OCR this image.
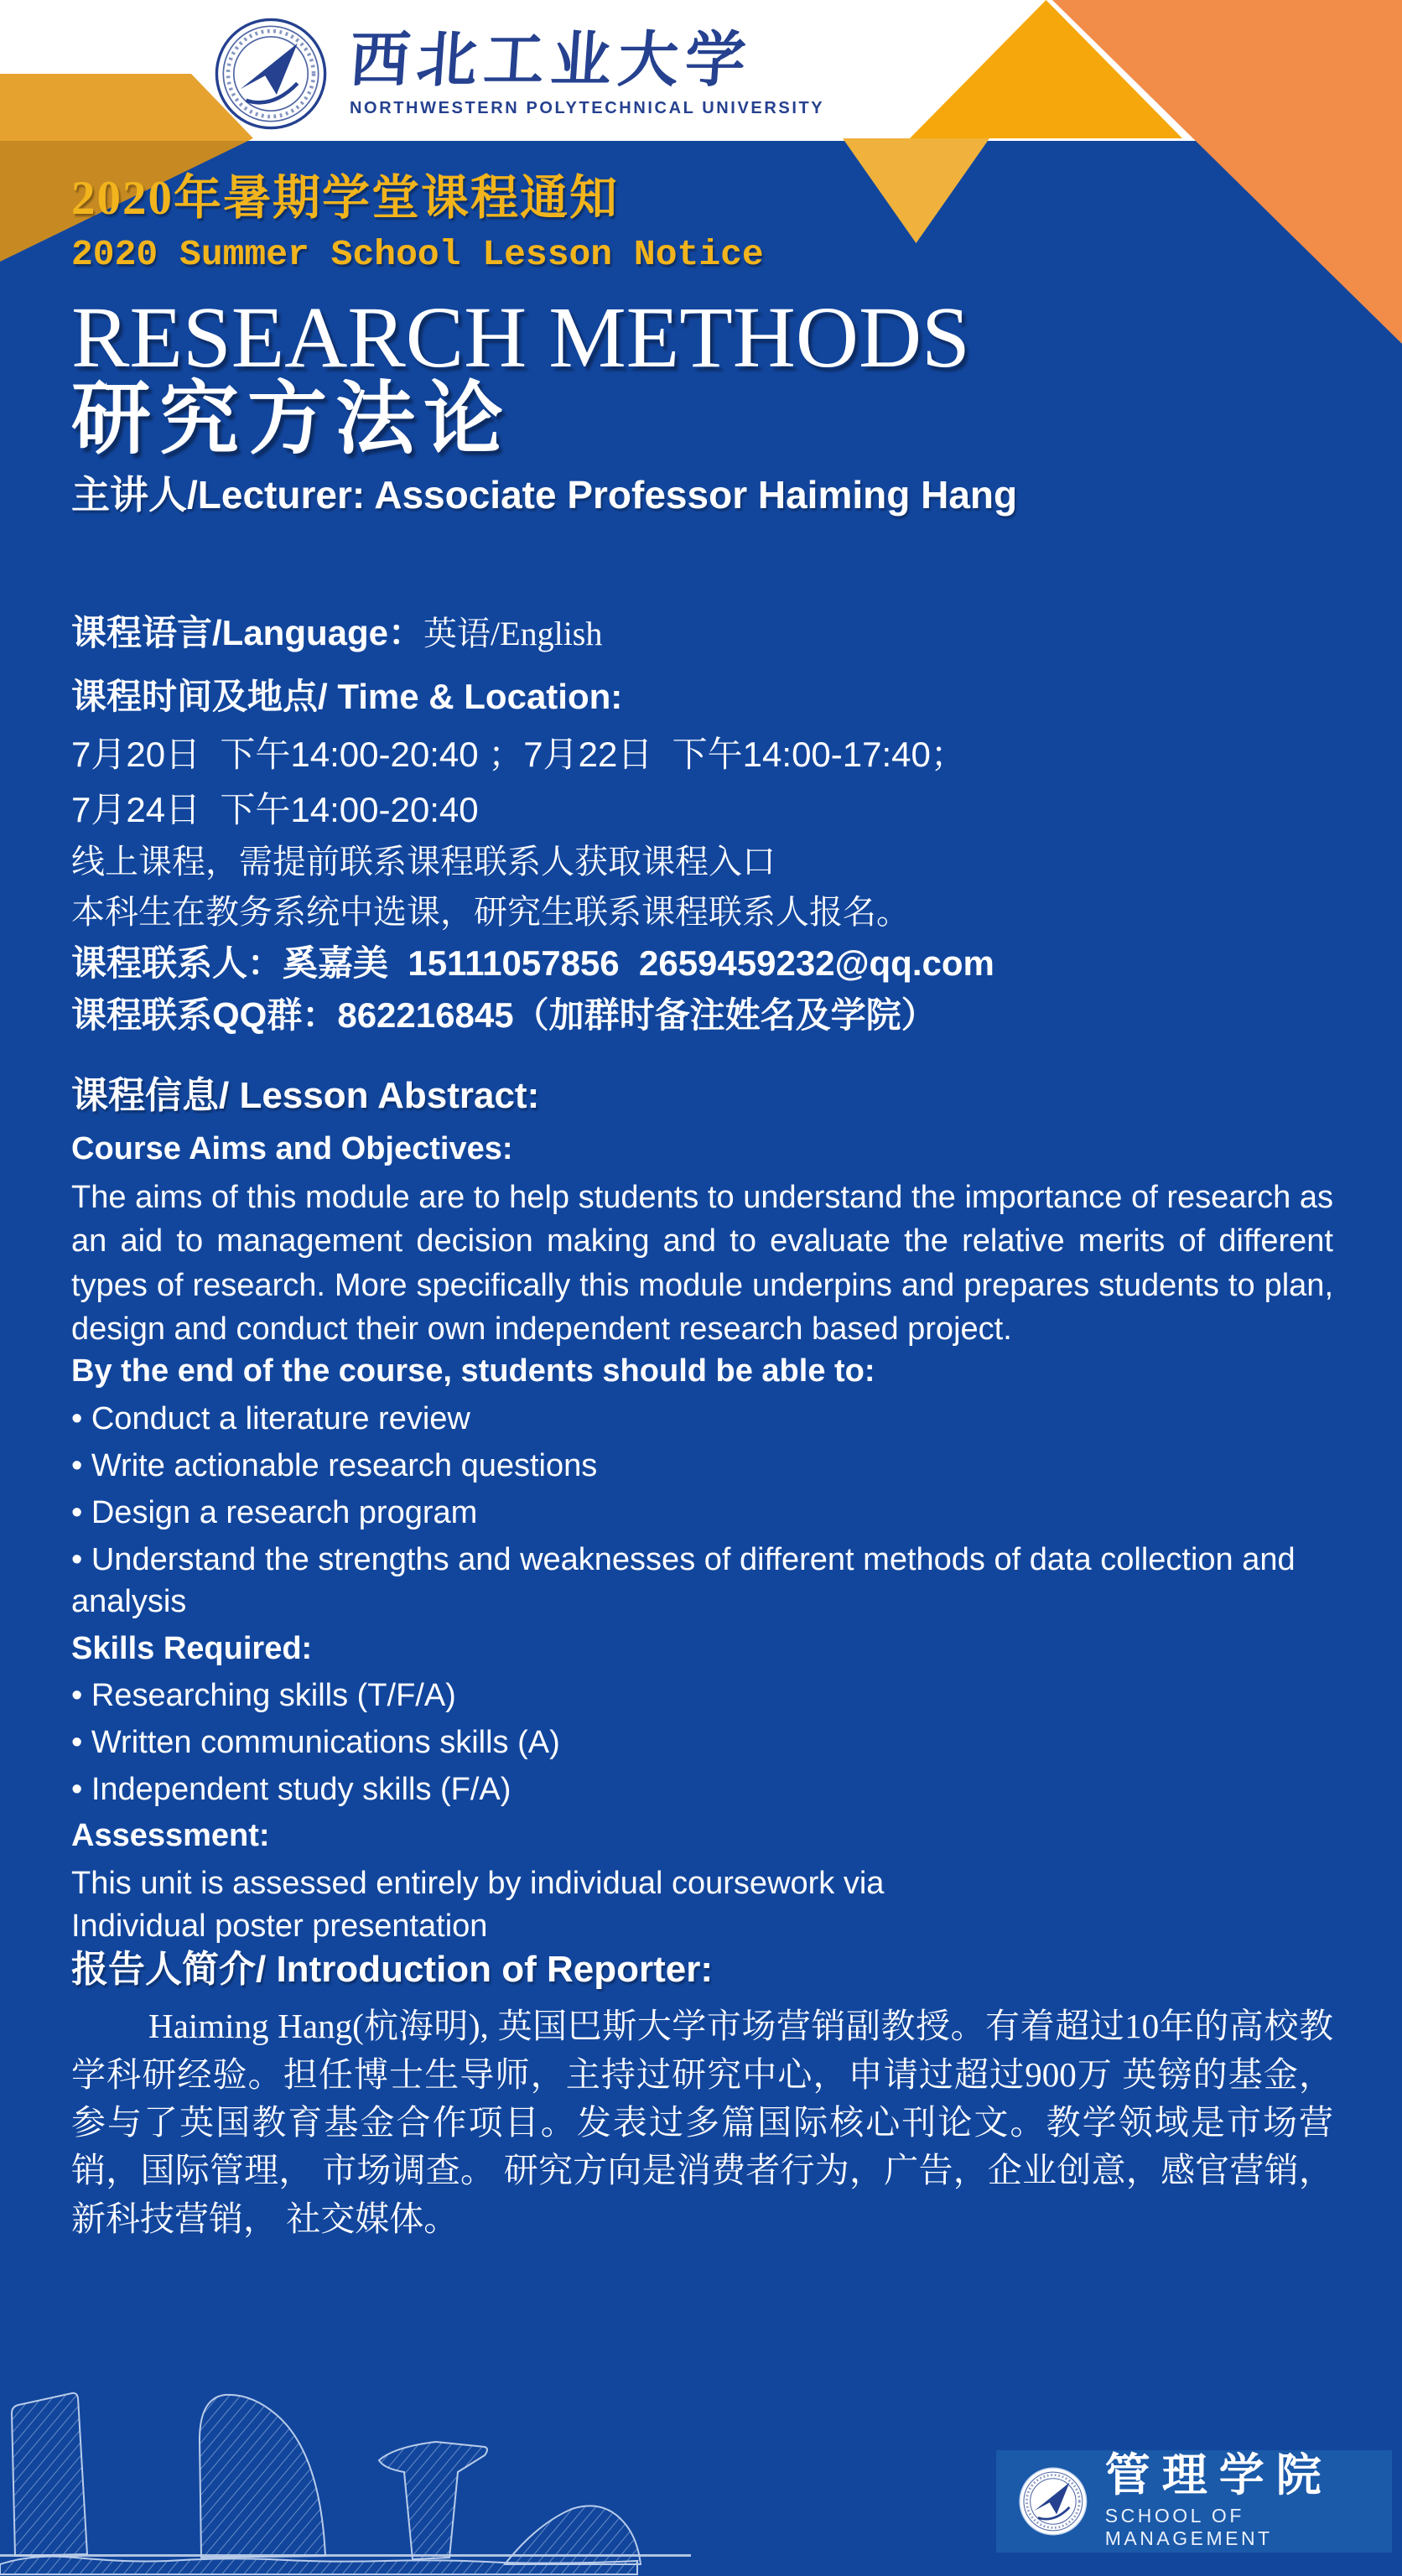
西北工业大学
NORTHWESTERN POLYTECHNICAL UNIVERSITY
2020年暑期学堂课程通知
2020 Summer School Lesson Notice
RESEARCH METHODS
研究方法论
主讲人/Lecturer: Associate Professor Haiming Hang
课程语言/Language：英语/English
课程时间及地点/ Time & Location:
7月20日  下午14:00-20:40 ；7月22日  下午14:00-17:40；
7月24日  下午14:00-20:40
线上课程，需提前联系课程联系人获取课程入口
本科生在教务系统中选课，研究生联系课程联系人报名。
课程联系人：奚嘉美  15111057856  2659459232@qq.com
课程联系QQ群：862216845（加群时备注姓名及学院）
课程信息/ Lesson Abstract:
Course Aims and Objectives:

The aims of this module are to help students to understand the importance of research as an aid to management decision making and to evaluate the relative merits of different types of research. More specifically this module underpins and prepares students to plan, design and conduct their own independent research based project.

By the end of the course, students should be able to:
• Conduct a literature review
• Write actionable research questions
• Design a research program
• Understand the strengths and weaknesses of different methods of data collection and analysis
Skills Required:
• Researching skills (T/F/A)
• Written communications skills (A)
• Independent study skills (F/A)
Assessment:

This unit is assessed entirely by individual coursework via

Individual poster presentation

报告人简介/ Introduction of Reporter:

Haiming Hang(杭海明), 英国巴斯大学市场营销副教授。有着超过10年的高校教学科研经验。担任博士生导师，主持过研究中心，申请过超过900万 英镑的基金，参与了英国教育基金合作项目。发表过多篇国际核心刊论文。教学领域是市场营销，国际管理， 市场调查。 研究方向是消费者行为，广告，企业创意，感官营销，新科技营销， 社交媒体。

管理学院
SCHOOL OF MANAGEMENT
